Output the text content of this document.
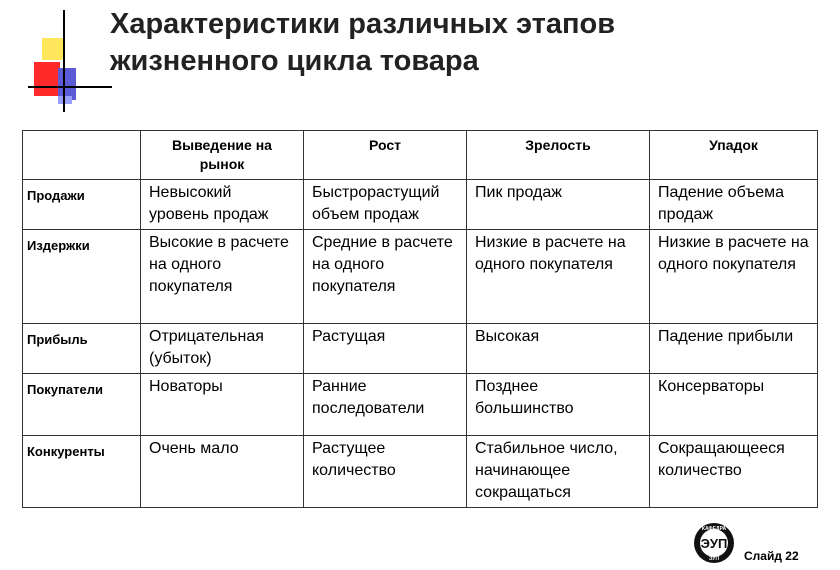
Характеристики различных этапов
жизненного цикла товара
	Выведение на рынок	Рост	Зрелость	Упадок
Продажи	Невысокий уровень продаж	Быстрорастущий объем продаж	Пик продаж	Падение объема продаж
Издержки	Высокие в расчете на одного покупателя	Средние в расчете на одного покупателя	Низкие в расчете на одного покупателя	Низкие в расчете на одного покупателя
Прибыль	Отрицательная (убыток)	Растущая	Высокая	Падение прибыли
Покупатели	Новаторы	Ранние последователи	Позднее большинство	Консерваторы
Конкуренты	Очень мало	Растущее количество	Стабильное число, начинающее сокращаться	Сокращающееся количество
КАФЕДРА
ЭУП
ЭУП Слайд 22
